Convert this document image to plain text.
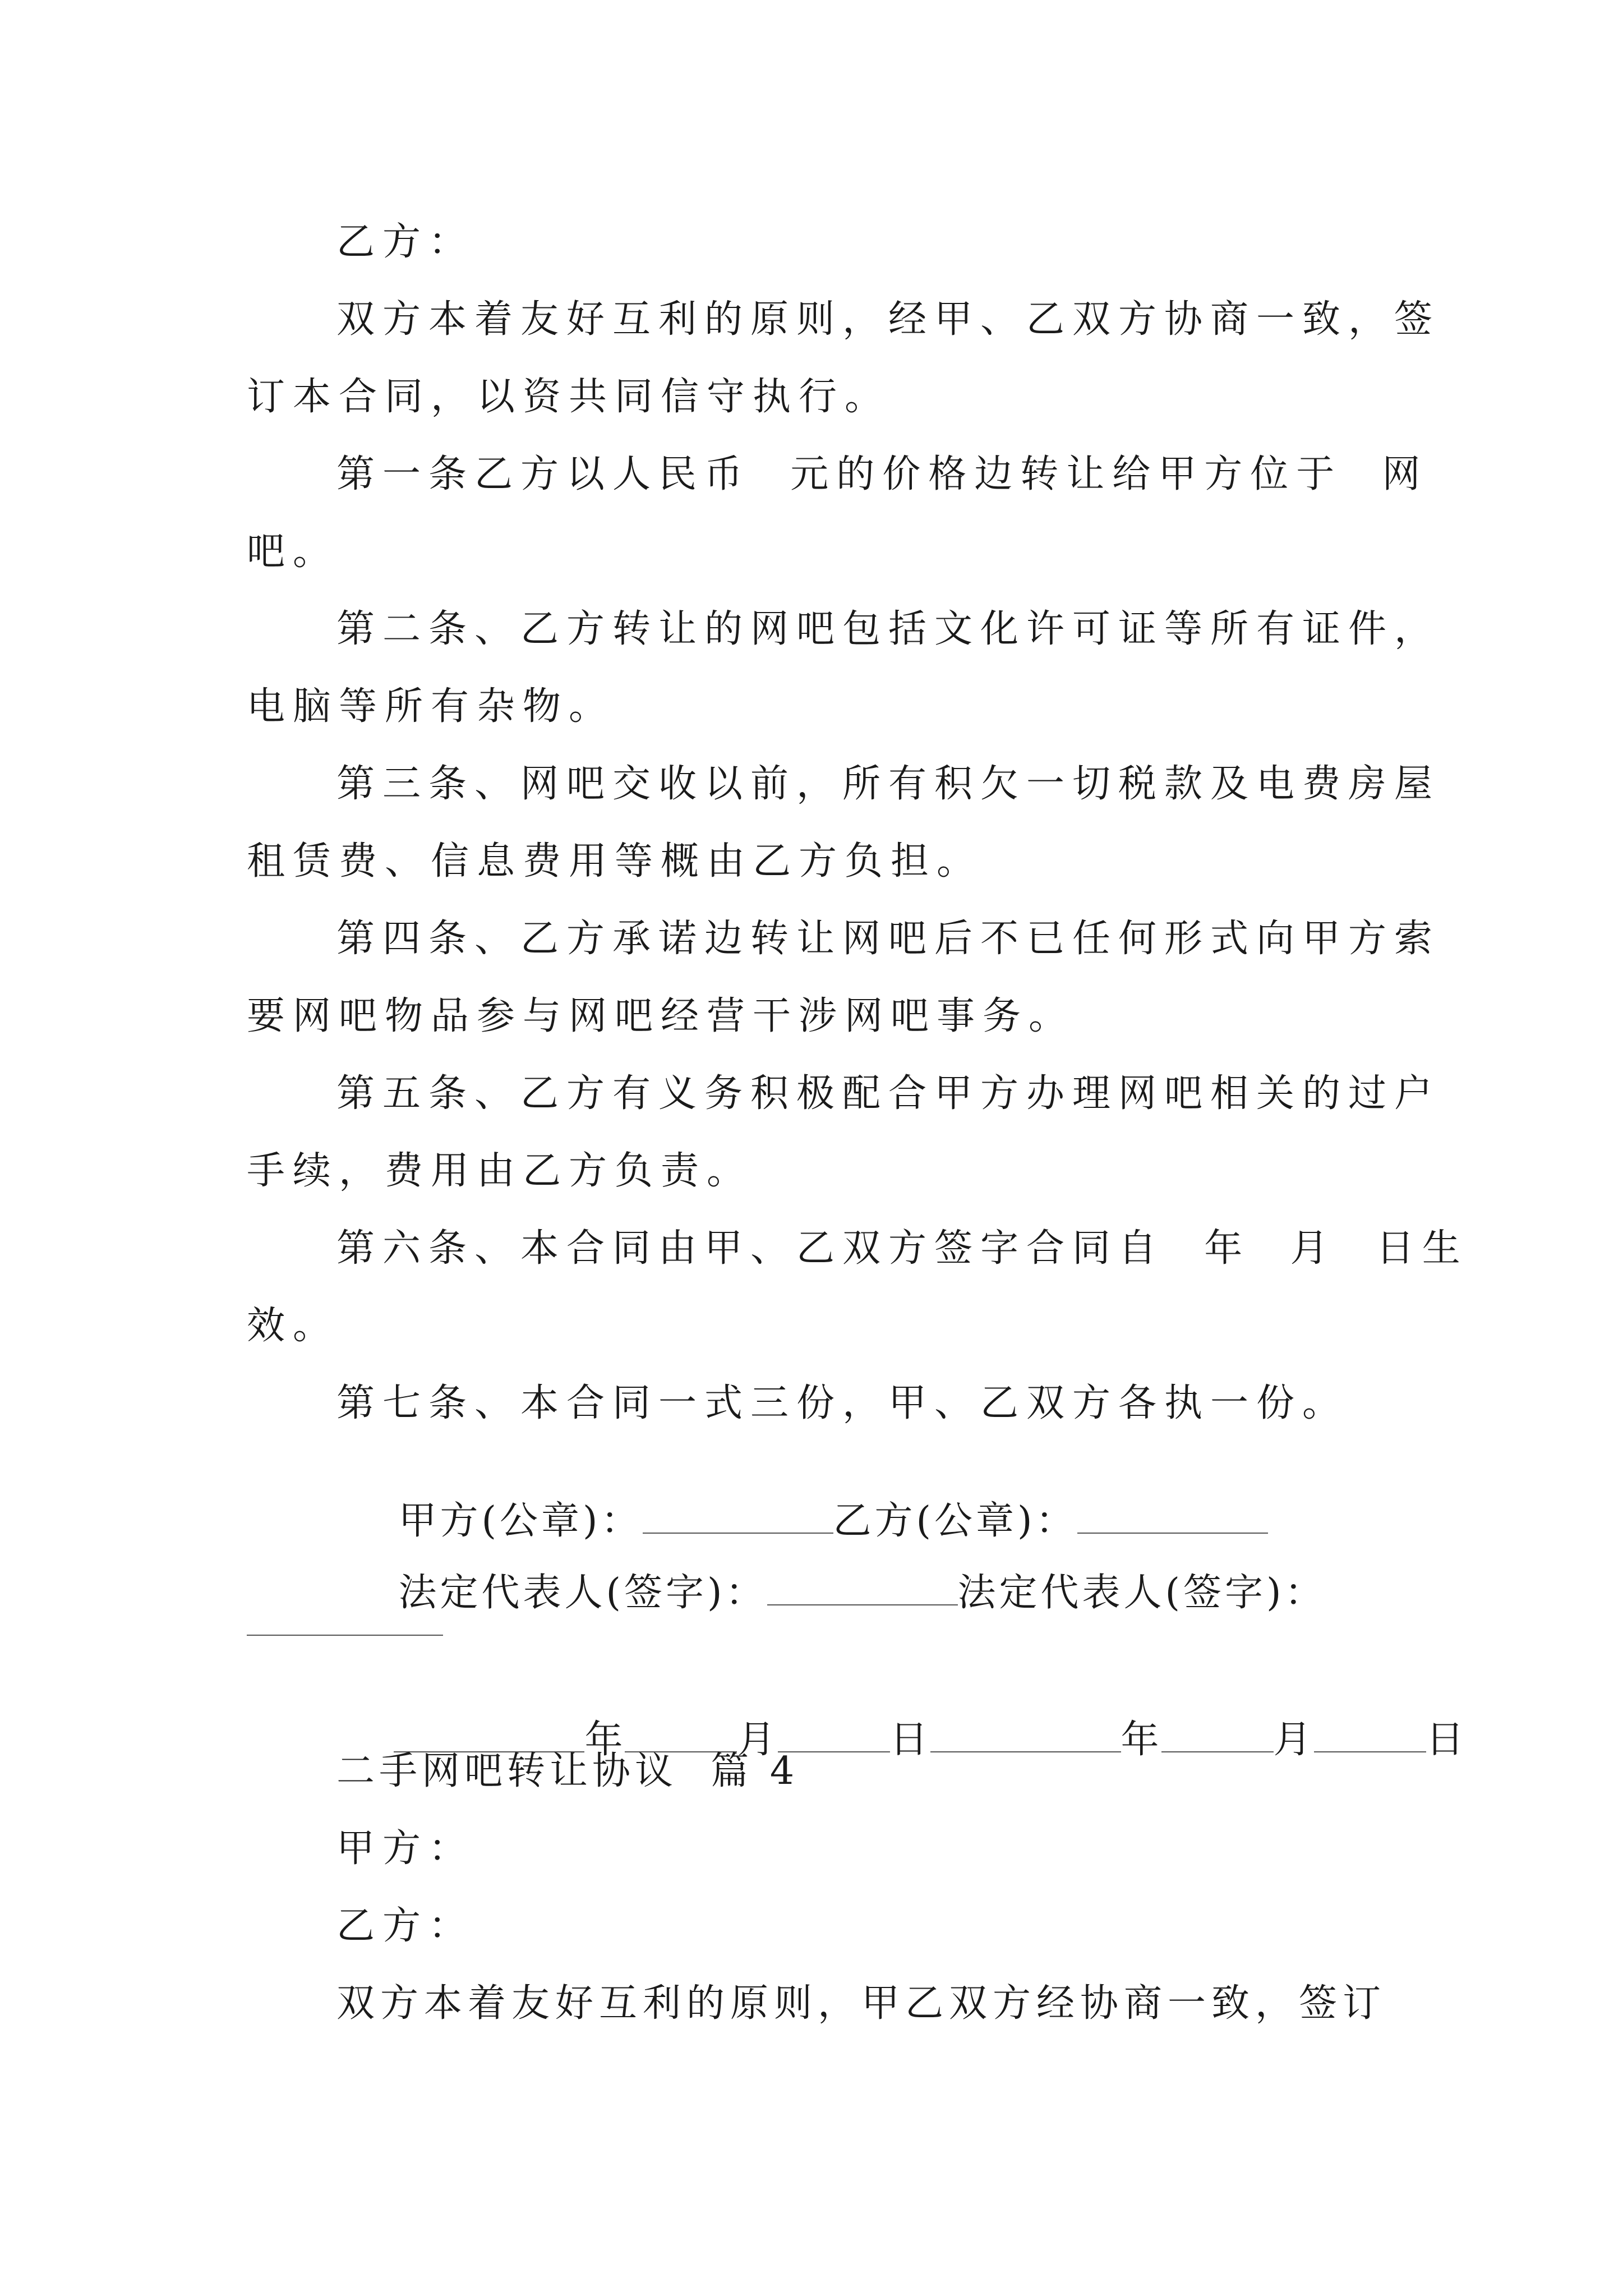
乙方：
双方本着友好互利的原则，经甲、乙双方协商一致，签
订本合同，以资共同信守执行。
第一条乙方以人民币  元的价格边转让给甲方位于  网
吧。
第二条、乙方转让的网吧包括文化许可证等所有证件，
电脑等所有杂物。
第三条、网吧交收以前，所有积欠一切税款及电费房屋
租赁费、信息费用等概由乙方负担。
第四条、乙方承诺边转让网吧后不已任何形式向甲方索
要网吧物品参与网吧经营干涉网吧事务。
第五条、乙方有义务积极配合甲方办理网吧相关的过户
手续，费用由乙方负责。
第六条、本合同由甲、乙双方签字合同自  年  月  日生
效。
第七条、本合同一式三份，甲、乙双方各执一份。

甲方(公章)：	乙方(公章)：

法定代表人(签字)：	法定代表人(签字)：

年	月	日	年	月	日

二手网吧转让协议  篇 4
甲方：
乙方：
双方本着友好互利的原则，甲乙双方经协商一致，签订
